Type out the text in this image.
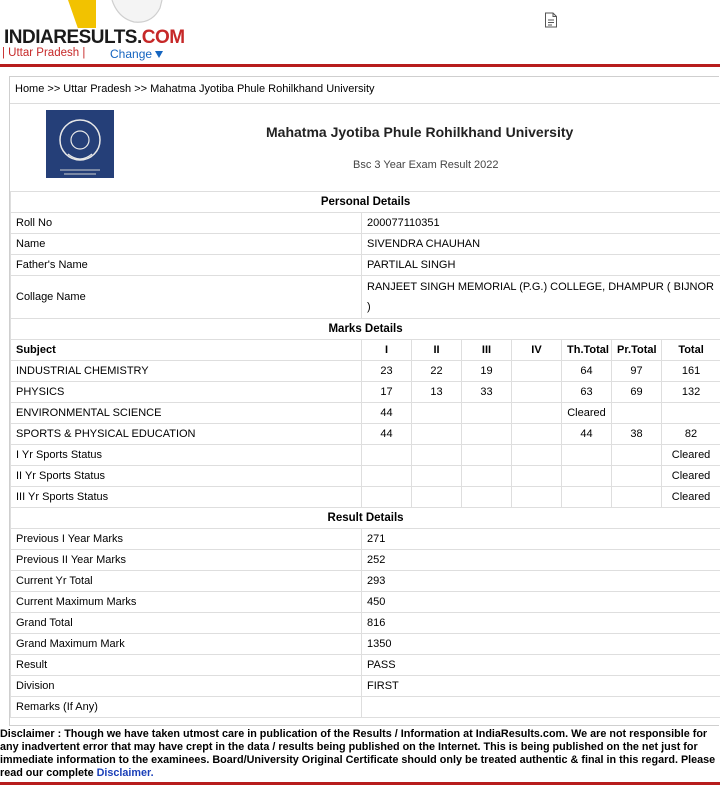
INDIARESULTS.COM
| Uttar Pradesh | Change
Home >> Uttar Pradesh >> Mahatma Jyotiba Phule Rohilkhand University
Mahatma Jyotiba Phule Rohilkhand University
Bsc 3 Year Exam Result 2022
Personal Details							
Roll No	200077110351						
Name	SIVENDRA CHAUHAN						
Father's Name	PARTILAL SINGH						
Collage Name	RANJEET SINGH MEMORIAL (P.G.) COLLEGE, DHAMPUR ( BIJNOR )						
Marks Details							
Subject	I	II	III	IV	Th.Total	Pr.Total	Total
INDUSTRIAL CHEMISTRY	23	22	19		64	97	161
PHYSICS	17	13	33		63	69	132
ENVIRONMENTAL SCIENCE	44				Cleared		
SPORTS & PHYSICAL EDUCATION	44				44	38	82
I Yr Sports Status							Cleared
II Yr Sports Status							Cleared
III Yr Sports Status							Cleared
Result Details							
Previous I Year Marks	271						
Previous II Year Marks	252						
Current Yr Total	293						
Current Maximum Marks	450						
Grand Total	816						
Grand Maximum Mark	1350						
Result	PASS						
Division	FIRST						
Remarks (If Any)							
Disclaimer : Though we have taken utmost care in publication of the Results / Information at IndiaResults.com. We are not responsible for any inadvertent error that may have crept in the data / results being published on the Internet. This is being published on the net just for immediate information to the examinees. Board/University Original Certificate should only be treated authentic & final in this regard. Please read our complete Disclaimer.
